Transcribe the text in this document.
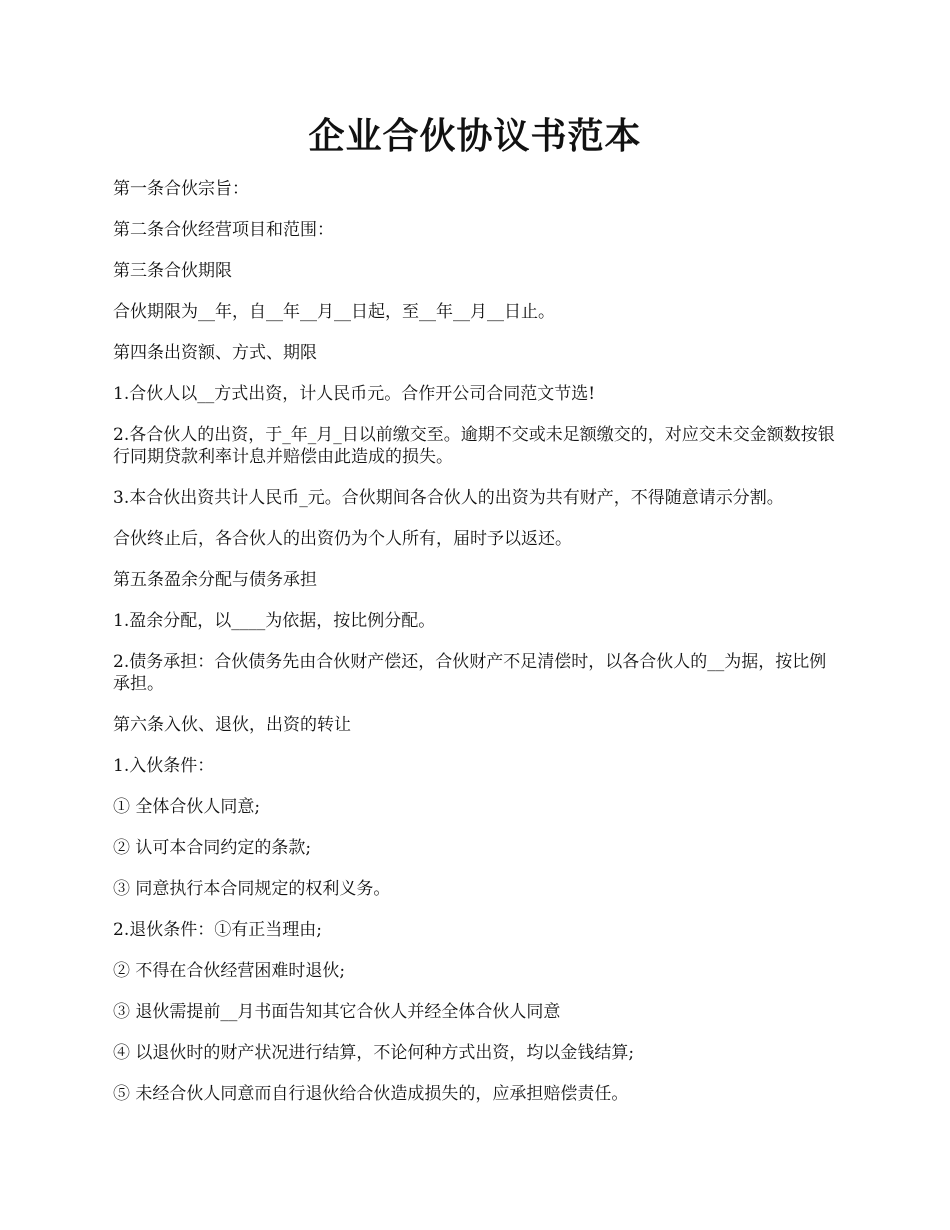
企业合伙协议书范本

第一条合伙宗旨：

第二条合伙经营项目和范围：

第三条合伙期限

合伙期限为__年，自__年__月__日起，至__年__月__日止。

第四条出资额、方式、期限

1.合伙人以__方式出资，计人民币元。合作开公司合同范文节选!

2.各合伙人的出资，于_年_月_日以前缴交至。逾期不交或未足额缴交的，对应交未交金额数按银行同期贷款利率计息并赔偿由此造成的损失。

3.本合伙出资共计人民币_元。合伙期间各合伙人的出资为共有财产，不得随意请示分割。

合伙终止后，各合伙人的出资仍为个人所有，届时予以返还。

第五条盈余分配与债务承担

1.盈余分配，以____为依据，按比例分配。

2.债务承担：合伙债务先由合伙财产偿还，合伙财产不足清偿时，以各合伙人的__为据，按比例承担。

第六条入伙、退伙，出资的转让

1.入伙条件：

① 全体合伙人同意;

② 认可本合同约定的条款;

③ 同意执行本合同规定的权利义务。

2.退伙条件：①有正当理由;

② 不得在合伙经营困难时退伙;

③ 退伙需提前__月书面告知其它合伙人并经全体合伙人同意

④ 以退伙时的财产状况进行结算，不论何种方式出资，均以金钱结算;

⑤ 未经合伙人同意而自行退伙给合伙造成损失的，应承担赔偿责任。
